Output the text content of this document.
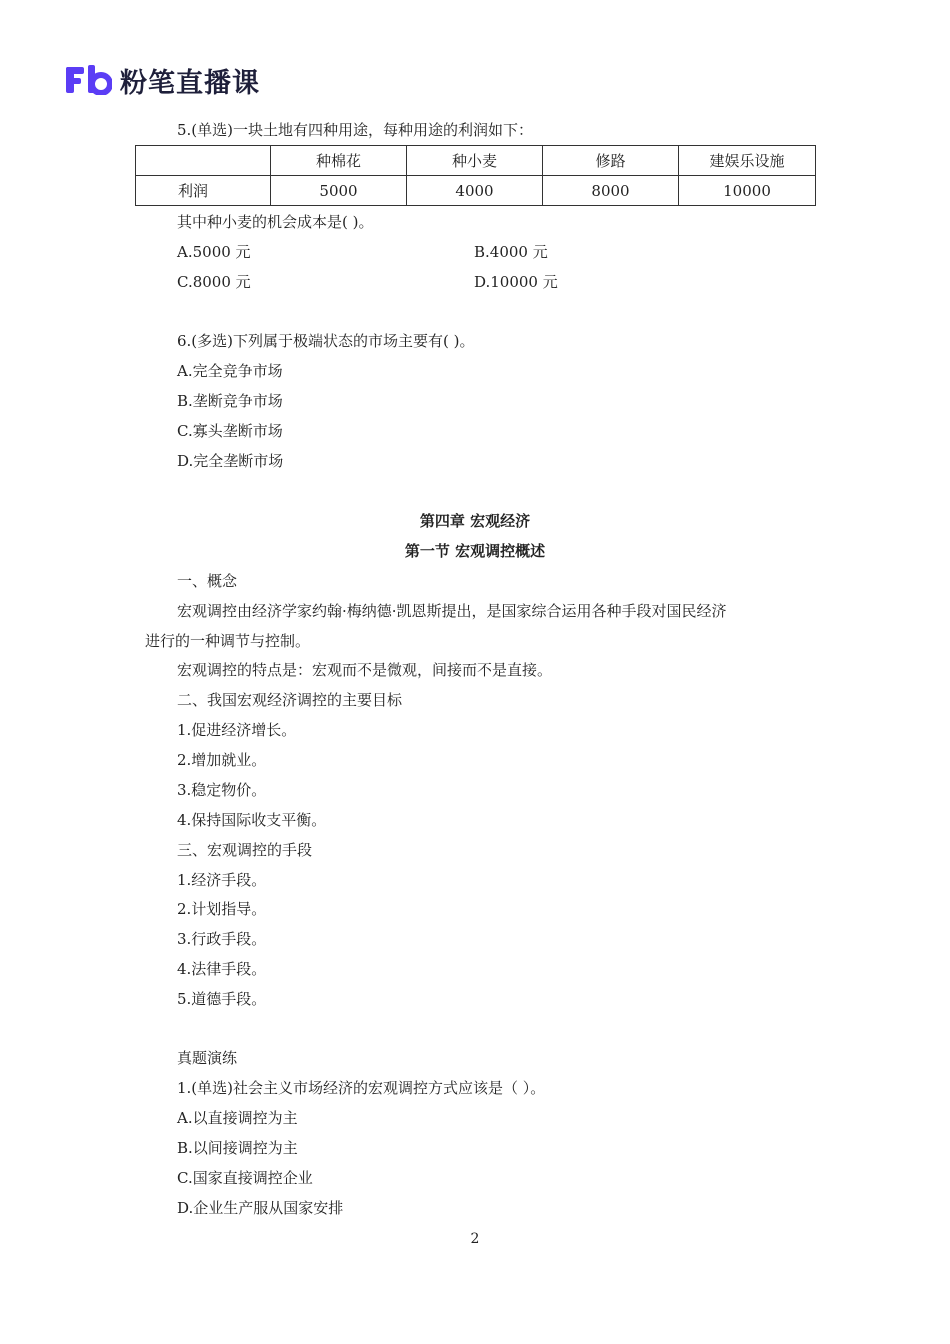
粉笔直播课
5.(单选)一块土地有四种用途，每种用途的利润如下：
	种棉花	种小麦	修路	建娱乐设施
利润	5000	4000	8000	10000
其中种小麦的机会成本是( )。
A.5000 元	B.4000 元
C.8000 元	D.10000 元
6.(多选)下列属于极端状态的市场主要有( )。
A.完全竞争市场
B.垄断竞争市场
C.寡头垄断市场
D.完全垄断市场
第四章 宏观经济
第一节 宏观调控概述
一、概念
宏观调控由经济学家约翰·梅纳德·凯恩斯提出，是国家综合运用各种手段对国民经济
进行的一种调节与控制。
宏观调控的特点是：宏观而不是微观，间接而不是直接。
二、我国宏观经济调控的主要目标
1.促进经济增长。
2.增加就业。
3.稳定物价。
4.保持国际收支平衡。
三、宏观调控的手段
1.经济手段。
2.计划指导。
3.行政手段。
4.法律手段。
5.道德手段。
真题演练
1.(单选)社会主义市场经济的宏观调控方式应该是（ ）。
A.以直接调控为主
B.以间接调控为主
C.国家直接调控企业
D.企业生产服从国家安排
2
